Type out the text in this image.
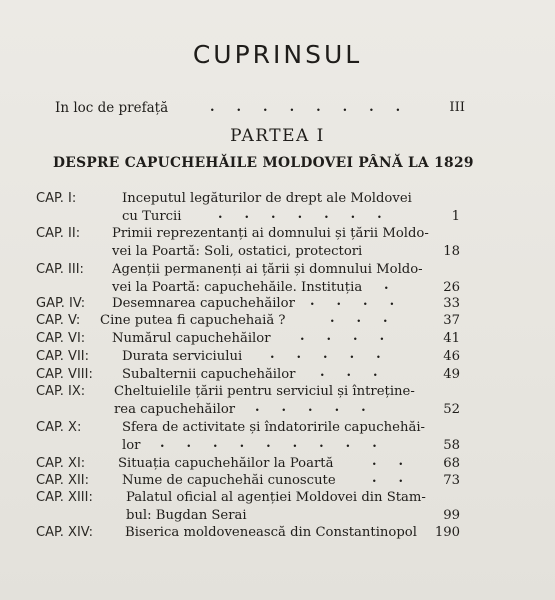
CUPRINSUL
In loc de prefață	........ III
PARTEA I
DESPRE CAPUCHEHĂILE MOLDOVEI PÂNĂ LA 1829
CAP. I:	Inceputul legăturilor de drept ale Moldovei
cu Turcii	.......	1
CAP. II: Primii reprezentanți ai domnului și țării Moldo-
vei la Poartă: Soli, ostatici, protectori	18
CAP. III: Agenții permanenți ai țării și domnului Moldo-
vei la Poartă: capuchehăile. Instituția . 26
GAP. IV: Desemnarea capuchehăilor .... 33
CAP. V: Cine putea fi capuchehaiă ?	...	37
CAP. VI: Numărul capuchehăilor ....	41
CAP. VII:	Durata serviciului .....	46
CAP. VIII: Subalternii capuchehăilor ...	49
CAP. IX: Cheltuielile țării pentru serviciul și întreține-
rea capuchehăilor .....	52
CAP. X:	Sfera de activitate și îndatoririle capuchehăi-
lor .........	58
CAP. XI: Situația capuchehăilor la Poartă	.. 68
CAP. XII: Nume de capuchehăi cunoscute	.. 73
CAP. XIII:	Palatul oficial al agenției Moldovei din Stam-
bul: Bugdan Serai	99
CAP. XIV: Biserica moldovenească din Constantinopol 190
